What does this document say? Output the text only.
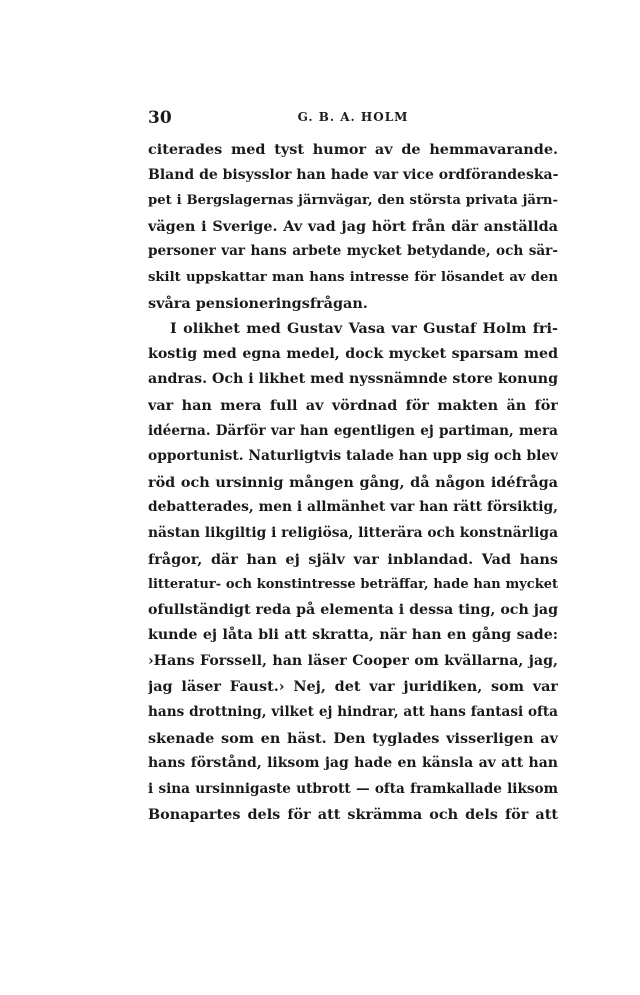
30	G. B. A. HOLM
citerades med tyst humor av de hemmavarande.
Bland de bisysslor han hade var vice ordförandeska-
pet i Bergslagernas järnvägar, den största privata järn-
vägen i Sverige. Av vad jag hört från där anställda
personer var hans arbete mycket betydande, och sär-
skilt uppskattar man hans intresse för lösandet av den
svåra pensioneringsfrågan.
I olikhet med Gustav Vasa var Gustaf Holm fri-
kostig med egna medel, dock mycket sparsam med
andras. Och i likhet med nyssnämnde store konung
var han mera full av vördnad för makten än för
idéerna. Därför var han egentligen ej partiman, mera
opportunist. Naturligtvis talade han upp sig och blev
röd och ursinnig mången gång, då någon idéfråga
debatterades, men i allmänhet var han rätt försiktig,
nästan likgiltig i religiösa, litterära och konstnärliga
frågor, där han ej själv var inblandad. Vad hans
litteratur- och konstintresse beträffar, hade han mycket
ofullständigt reda på elementa i dessa ting, och jag
kunde ej låta bli att skratta, när han en gång sade:
›Hans Forssell, han läser Cooper om kvällarna, jag,
jag läser Faust.› Nej, det var juridiken, som var
hans drottning, vilket ej hindrar, att hans fantasi ofta
skenade som en häst. Den tyglades visserligen av
hans förstånd, liksom jag hade en känsla av att han
i sina ursinnigaste utbrott — ofta framkallade liksom
Bonapartes dels för att skrämma och dels för att
